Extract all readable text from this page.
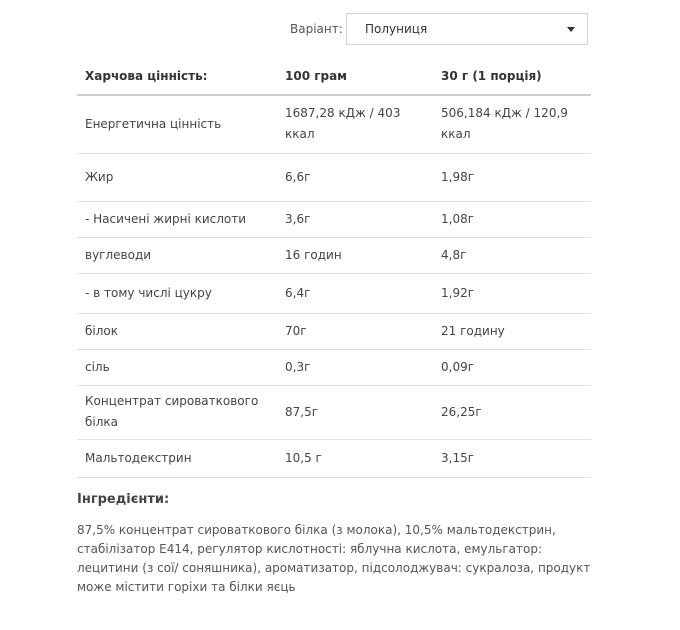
Варіант: Полуниця
Харчова цінність:	100 грам	30 г (1 порція)
Енергетична цінність	1687,28 кДж / 403 ккал	506,184 кДж / 120,9 ккал
Жир	6,6г	1,98г
- Насичені жирні кислоти	3,6г	1,08г
вуглеводи	16 годин	4,8г
- в тому числі цукру	6,4г	1,92г
білок	70г	21 годину
сіль	0,3г	0,09г
Концентрат сироваткового білка	87,5г	26,25г
Мальтодекстрин	10,5 г	3,15г
Інгредієнти:

87,5% концентрат сироваткового білка (з молока), 10,5% мальтодекстрин, стабілізатор Е414, регулятор кислотності: яблучна кислота, емульгатор: лецитини (з сої/ соняшника), ароматизатор, підсолоджувач: сукралоза, продукт може містити горіхи та білки яєць
